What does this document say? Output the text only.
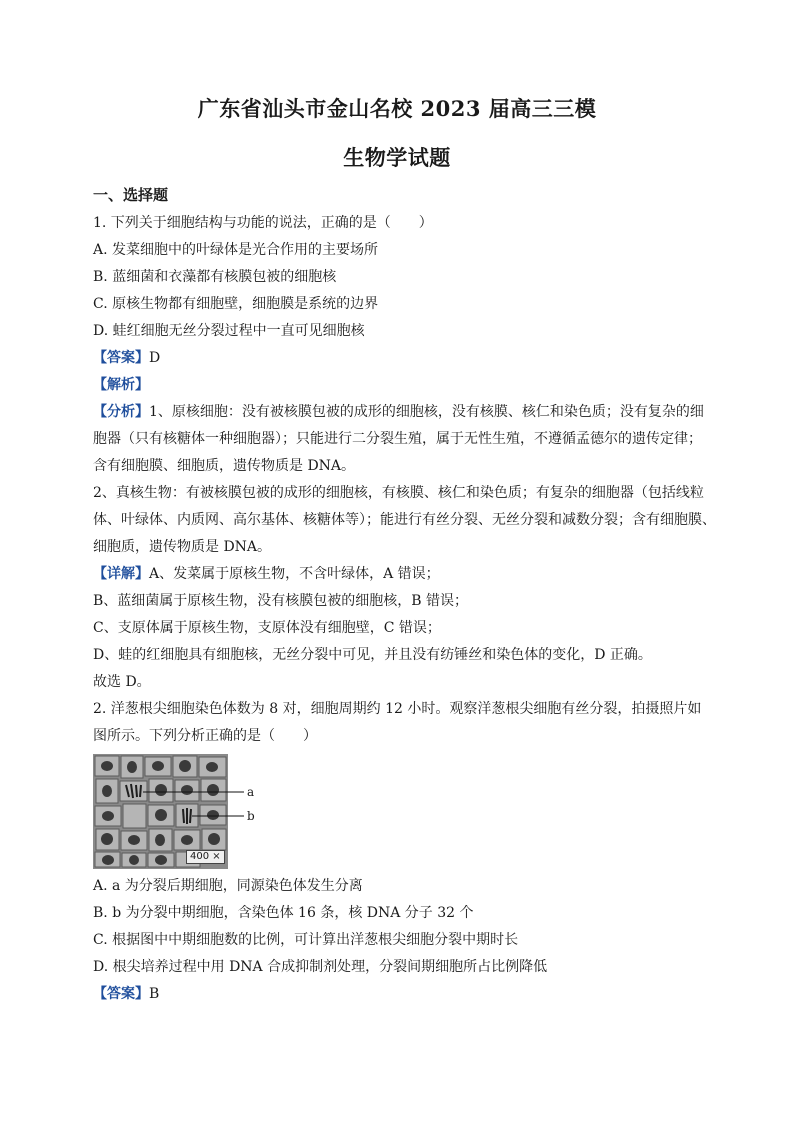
广东省汕头市金山名校 2023 届高三三模
生物学试题
一、选择题

1. 下列关于细胞结构与功能的说法，正确的是（　　）

A. 发菜细胞中的叶绿体是光合作用的主要场所

B. 蓝细菌和衣藻都有核膜包被的细胞核

C. 原核生物都有细胞壁，细胞膜是系统的边界

D. 蛙红细胞无丝分裂过程中一直可见细胞核

【答案】D

【解析】

【分析】1、原核细胞：没有被核膜包被的成形的细胞核，没有核膜、核仁和染色质；没有复杂的细

胞器（只有核糖体一种细胞器）；只能进行二分裂生殖，属于无性生殖，不遵循孟德尔的遗传定律；

含有细胞膜、细胞质，遗传物质是 DNA。

2、真核生物：有被核膜包被的成形的细胞核，有核膜、核仁和染色质；有复杂的细胞器（包括线粒

体、叶绿体、内质网、高尔基体、核糖体等）；能进行有丝分裂、无丝分裂和减数分裂；含有细胞膜、

细胞质，遗传物质是 DNA。

【详解】A、发菜属于原核生物，不含叶绿体，A 错误；

B、蓝细菌属于原核生物，没有核膜包被的细胞核，B 错误；

C、支原体属于原核生物，支原体没有细胞壁，C 错误；

D、蛙的红细胞具有细胞核，无丝分裂中可见，并且没有纺锤丝和染色体的变化，D 正确。

故选 D。

2. 洋葱根尖细胞染色体数为 8 对，细胞周期约 12 小时。观察洋葱根尖细胞有丝分裂，拍摄照片如

图所示。下列分析正确的是（　　）

a
b
400 ×

A. a 为分裂后期细胞，同源染色体发生分离

B. b 为分裂中期细胞，含染色体 16 条，核 DNA 分子 32 个

C. 根据图中中期细胞数的比例，可计算出洋葱根尖细胞分裂中期时长

D. 根尖培养过程中用 DNA 合成抑制剂处理，分裂间期细胞所占比例降低

【答案】B
